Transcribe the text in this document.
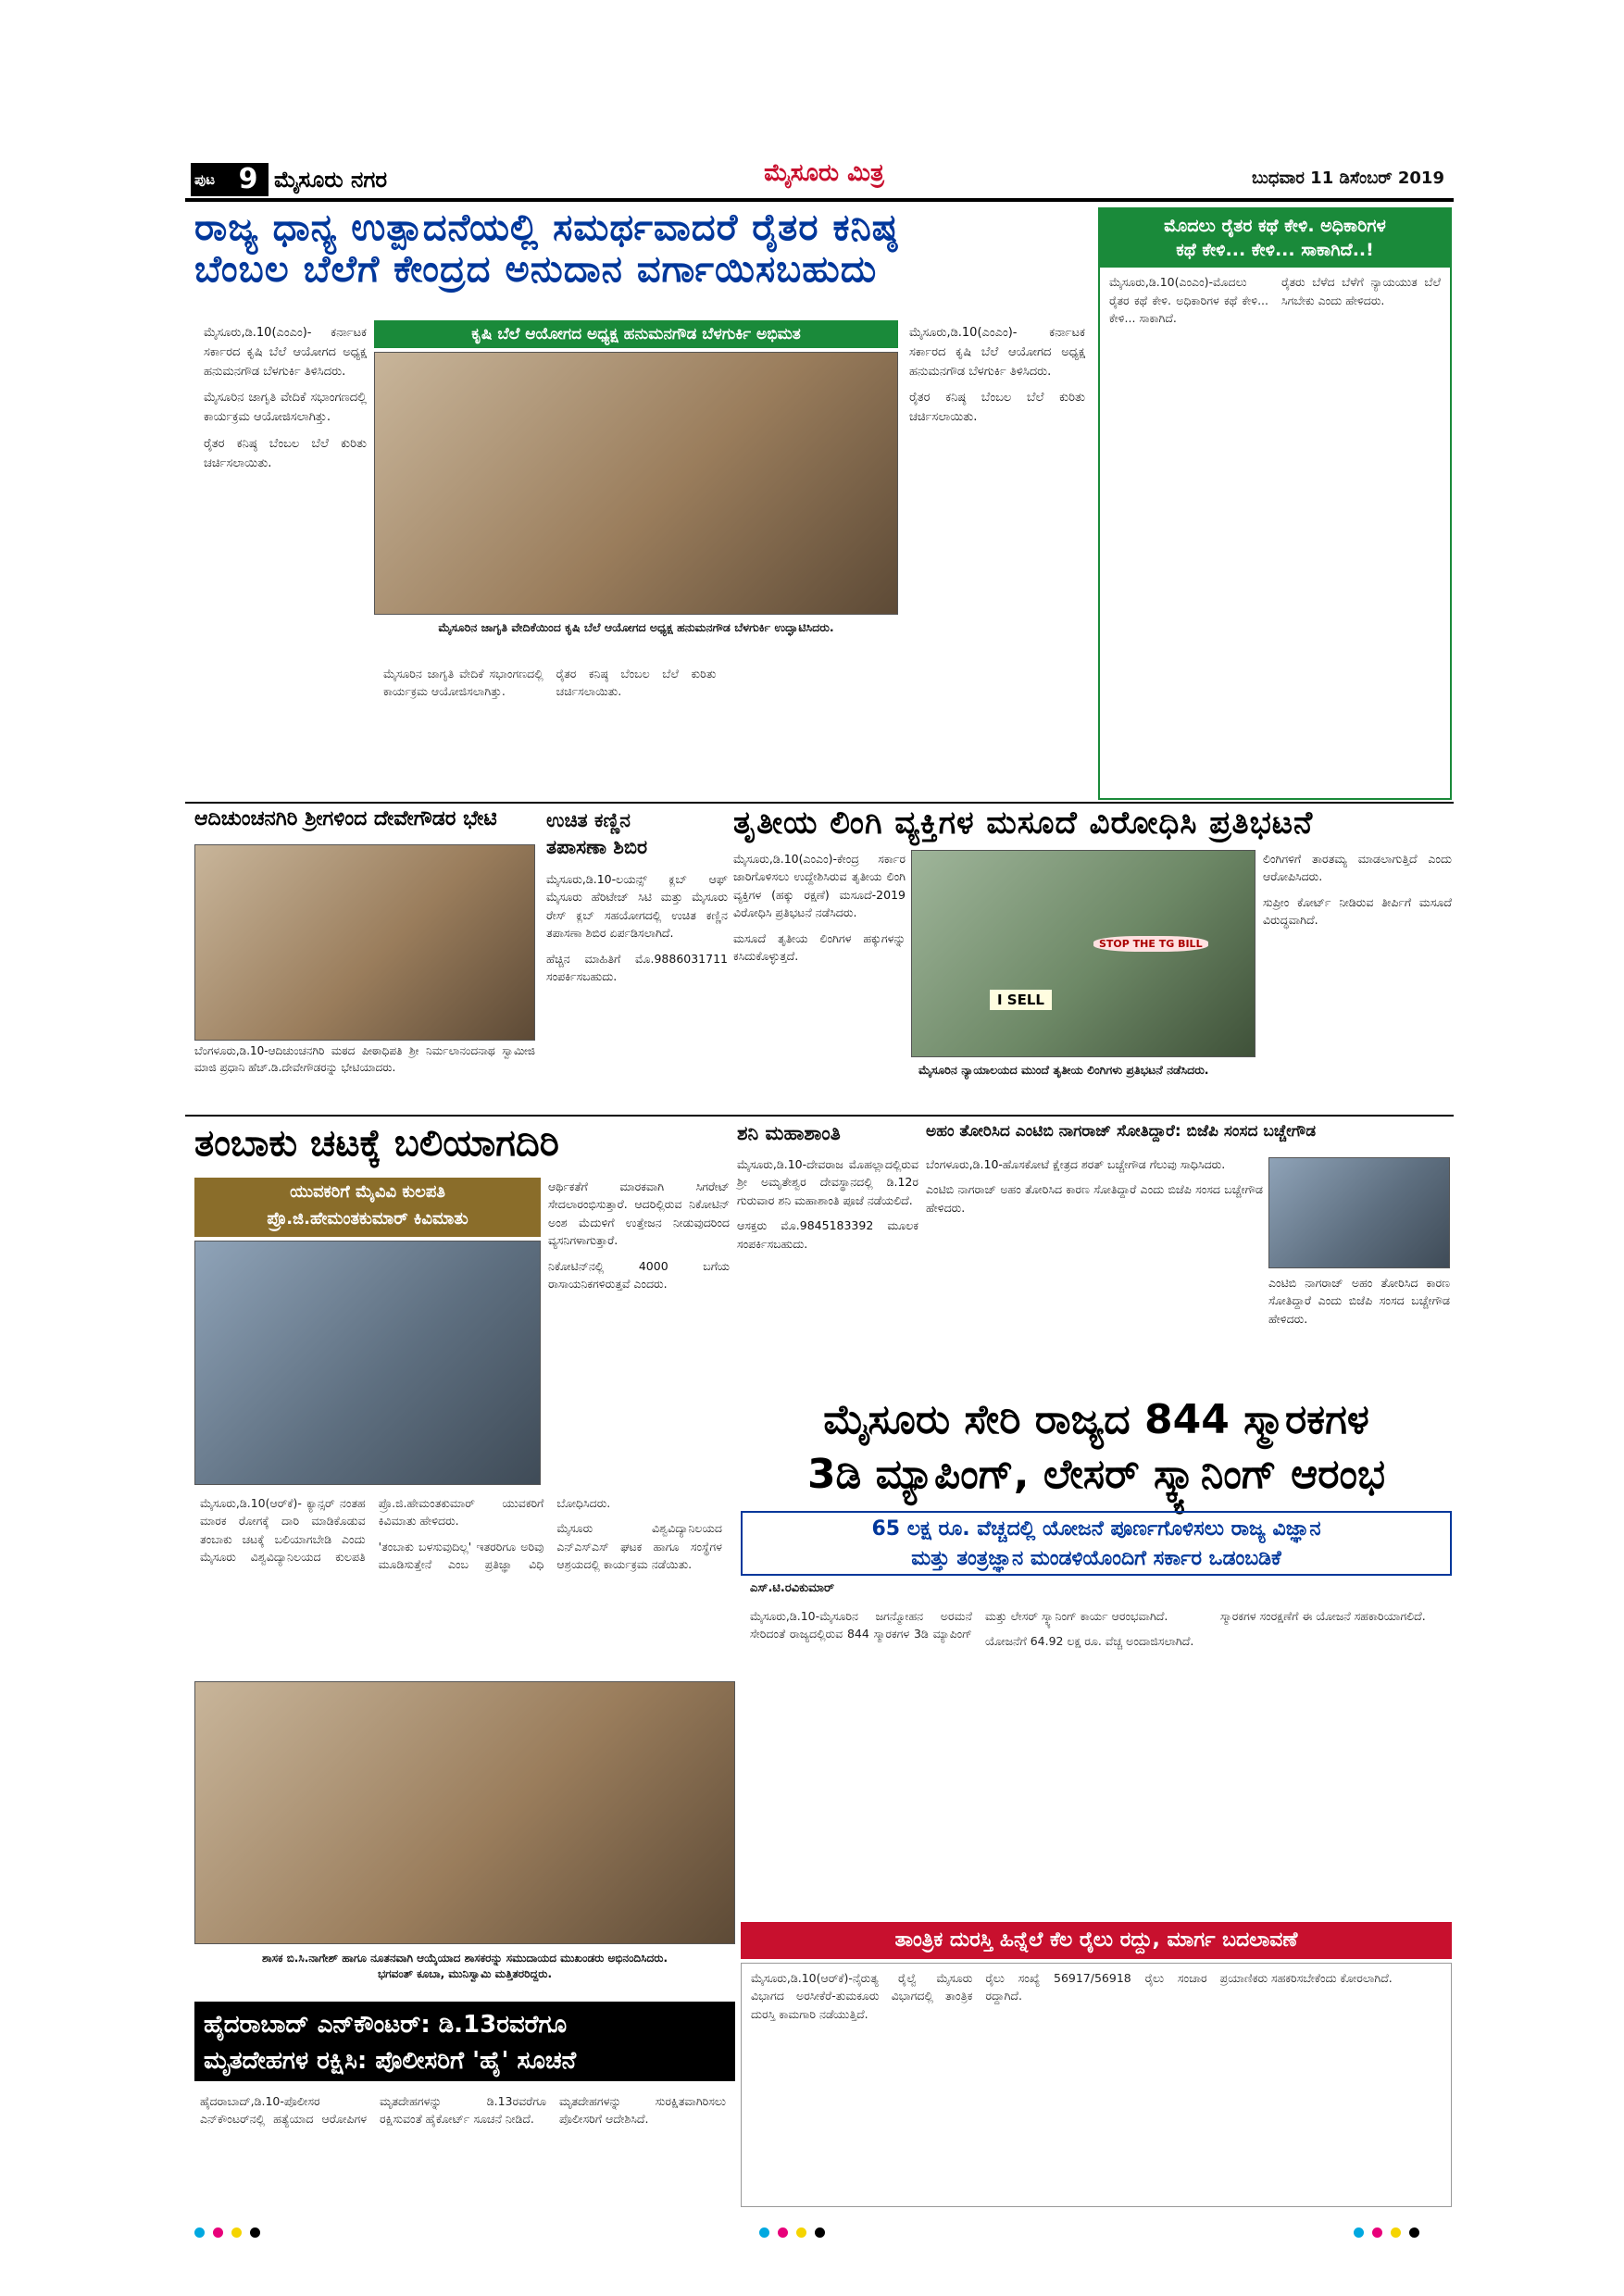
ಪುಟ 9 ಮೈಸೂರು ನಗರ	ಮೈಸೂರು ಮಿತ್ರ	ಬುಧವಾರ 11 ಡಿಸೆಂಬರ್ 2019
ರಾಜ್ಯ ಧಾನ್ಯ ಉತ್ಪಾದನೆಯಲ್ಲಿ ಸಮರ್ಥವಾದರೆ ರೈತರ ಕನಿಷ್ಠ
ಬೆಂಬಲ ಬೆಲೆಗೆ ಕೇಂದ್ರದ ಅನುದಾನ ವರ್ಗಾಯಿಸಬಹುದು

ಮೈಸೂರು,ಡಿ.10(ಎಂಎಂ)- ಕರ್ನಾಟಕ ಸರ್ಕಾರದ ಕೃಷಿ ಬೆಲೆ ಆಯೋಗದ ಅಧ್ಯಕ್ಷ ಹನುಮನಗೌಡ ಬೆಳಗುರ್ಕಿ ತಿಳಿಸಿದರು.

ಮೈಸೂರಿನ ಜಾಗೃತಿ ವೇದಿಕೆ ಸಭಾಂಗಣದಲ್ಲಿ ಕಾರ್ಯಕ್ರಮ ಆಯೋಜಿಸಲಾಗಿತ್ತು.

ರೈತರ ಕನಿಷ್ಠ ಬೆಂಬಲ ಬೆಲೆ ಕುರಿತು ಚರ್ಚಿಸಲಾಯಿತು.

ಕೃಷಿ ಬೆಲೆ ಆಯೋಗದ ಅಧ್ಯಕ್ಷ ಹನುಮನಗೌಡ ಬೆಳಗುರ್ಕಿ ಅಭಿಮತ
ಮೈಸೂರಿನ ಜಾಗೃತಿ ವೇದಿಕೆಯಿಂದ ಕೃಷಿ ಬೆಲೆ ಆಯೋಗದ ಅಧ್ಯಕ್ಷ ಹನುಮನಗೌಡ ಬೆಳಗುರ್ಕಿ ಉದ್ಘಾಟಿಸಿದರು.

ಮೈಸೂರಿನ ಜಾಗೃತಿ ವೇದಿಕೆ ಸಭಾಂಗಣದಲ್ಲಿ ಕಾರ್ಯಕ್ರಮ ಆಯೋಜಿಸಲಾಗಿತ್ತು.

ರೈತರ ಕನಿಷ್ಠ ಬೆಂಬಲ ಬೆಲೆ ಕುರಿತು ಚರ್ಚಿಸಲಾಯಿತು.

ಮೈಸೂರು,ಡಿ.10(ಎಂಎಂ)- ಕರ್ನಾಟಕ ಸರ್ಕಾರದ ಕೃಷಿ ಬೆಲೆ ಆಯೋಗದ ಅಧ್ಯಕ್ಷ ಹನುಮನಗೌಡ ಬೆಳಗುರ್ಕಿ ತಿಳಿಸಿದರು.

ರೈತರ ಕನಿಷ್ಠ ಬೆಂಬಲ ಬೆಲೆ ಕುರಿತು ಚರ್ಚಿಸಲಾಯಿತು.

ಮೊದಲು ರೈತರ ಕಥೆ ಕೇಳಿ. ಅಧಿಕಾರಿಗಳ
ಕಥೆ ಕೇಳಿ... ಕೇಳಿ... ಸಾಕಾಗಿದೆ..!

ಮೈಸೂರು,ಡಿ.10(ಎಂಎಂ)-ಮೊದಲು ರೈತರ ಕಥೆ ಕೇಳಿ. ಅಧಿಕಾರಿಗಳ ಕಥೆ ಕೇಳಿ... ಕೇಳಿ... ಸಾಕಾಗಿದೆ.

ರೈತರು ಬೆಳೆದ ಬೆಳೆಗೆ ನ್ಯಾಯಯುತ ಬೆಲೆ ಸಿಗಬೇಕು ಎಂದು ಹೇಳಿದರು.

ಆದಿಚುಂಚನಗಿರಿ ಶ್ರೀಗಳಿಂದ ದೇವೇಗೌಡರ ಭೇಟಿ
ಬೆಂಗಳೂರು,ಡಿ.10-ಆದಿಚುಂಚನಗಿರಿ ಮಠದ ಪೀಠಾಧಿಪತಿ ಶ್ರೀ ನಿರ್ಮಲಾನಂದನಾಥ ಸ್ವಾಮೀಜಿ ಮಾಜಿ ಪ್ರಧಾನಿ ಹೆಚ್.ಡಿ.ದೇವೇಗೌಡರನ್ನು ಭೇಟಿಯಾದರು.
ಉಚಿತ ಕಣ್ಣಿನ
ತಪಾಸಣಾ ಶಿಬಿರ

ಮೈಸೂರು,ಡಿ.10-ಲಯನ್ಸ್ ಕ್ಲಬ್ ಆಫ್ ಮೈಸೂರು ಹೆರಿಟೇಜ್ ಸಿಟಿ ಮತ್ತು ಮೈಸೂರು ರೇಸ್ ಕ್ಲಬ್ ಸಹಯೋಗದಲ್ಲಿ ಉಚಿತ ಕಣ್ಣಿನ ತಪಾಸಣಾ ಶಿಬಿರ ಏರ್ಪಡಿಸಲಾಗಿದೆ.

ಹೆಚ್ಚಿನ ಮಾಹಿತಿಗೆ ಮೊ.9886031711 ಸಂಪರ್ಕಿಸಬಹುದು.

ತೃತೀಯ ಲಿಂಗಿ ವ್ಯಕ್ತಿಗಳ ಮಸೂದೆ ವಿರೋಧಿಸಿ ಪ್ರತಿಭಟನೆ

ಮೈಸೂರು,ಡಿ.10(ಎಂಎಂ)-ಕೇಂದ್ರ ಸರ್ಕಾರ ಜಾರಿಗೊಳಿಸಲು ಉದ್ದೇಶಿಸಿರುವ ತೃತೀಯ ಲಿಂಗಿ ವ್ಯಕ್ತಿಗಳ (ಹಕ್ಕು ರಕ್ಷಣೆ) ಮಸೂದೆ-2019 ವಿರೋಧಿಸಿ ಪ್ರತಿಭಟನೆ ನಡೆಸಿದರು.

ಮಸೂದೆ ತೃತೀಯ ಲಿಂಗಿಗಳ ಹಕ್ಕುಗಳನ್ನು ಕಸಿದುಕೊಳ್ಳುತ್ತದೆ.

I SELL
STOP THE TG BILL
ಮೈಸೂರಿನ ನ್ಯಾಯಾಲಯದ ಮುಂದೆ ತೃತೀಯ ಲಿಂಗಿಗಳು ಪ್ರತಿಭಟನೆ ನಡೆಸಿದರು.

ಲಿಂಗಿಗಳಿಗೆ ತಾರತಮ್ಯ ಮಾಡಲಾಗುತ್ತಿದೆ ಎಂದು ಆರೋಪಿಸಿದರು.

ಸುಪ್ರೀಂ ಕೋರ್ಟ್ ನೀಡಿರುವ ತೀರ್ಪಿಗೆ ಮಸೂದೆ ವಿರುದ್ಧವಾಗಿದೆ.

ತಂಬಾಕು ಚಟಕ್ಕೆ ಬಲಿಯಾಗದಿರಿ
ಯುವಕರಿಗೆ ಮೈವಿವಿ ಕುಲಪತಿ
ಪ್ರೊ.ಜಿ.ಹೇಮಂತಕುಮಾರ್ ಕಿವಿಮಾತು

ಆರ್ಥಿಕತೆಗೆ ಮಾರಕವಾಗಿ ಸಿಗರೇಟ್ ಸೇದಲಾರಂಭಿಸುತ್ತಾರೆ. ಆದರಿಲ್ಲಿರುವ ನಿಕೋಟಿನ್ ಅಂಶ ಮೆದುಳಿಗೆ ಉತ್ತೇಜನ ನೀಡುವುದರಿಂದ ವ್ಯಸನಿಗಳಾಗುತ್ತಾರೆ.

ನಿಕೋಟಿನ್‌ನಲ್ಲಿ 4000 ಬಗೆಯ ರಾಸಾಯನಿಕಗಳಿರುತ್ತವೆ ಎಂದರು.

ಮೈಸೂರು,ಡಿ.10(ಆರ್‌ಕೆ)- ಕ್ಯಾನ್ಸರ್ ನಂತಹ ಮಾರಕ ರೋಗಕ್ಕೆ ದಾರಿ ಮಾಡಿಕೊಡುವ ತಂಬಾಕು ಚಟಕ್ಕೆ ಬಲಿಯಾಗಬೇಡಿ ಎಂದು ಮೈಸೂರು ವಿಶ್ವವಿದ್ಯಾನಿಲಯದ ಕುಲಪತಿ ಪ್ರೊ.ಜಿ.ಹೇಮಂತಕುಮಾರ್ ಯುವಕರಿಗೆ ಕಿವಿಮಾತು ಹೇಳಿದರು.

'ತಂಬಾಕು ಬಳಸುವುದಿಲ್ಲ' ಇತರರಿಗೂ ಅರಿವು ಮೂಡಿಸುತ್ತೇನೆ ಎಂಬ ಪ್ರತಿಜ್ಞಾ ವಿಧಿ ಬೋಧಿಸಿದರು.

ಮೈಸೂರು ವಿಶ್ವವಿದ್ಯಾನಿಲಯದ ಎನ್‌ಎಸ್‌ಎಸ್ ಘಟಕ ಹಾಗೂ ಸಂಸ್ಥೆಗಳ ಆಶ್ರಯದಲ್ಲಿ ಕಾರ್ಯಕ್ರಮ ನಡೆಯಿತು.

ಶನಿ ಮಹಾಶಾಂತಿ

ಮೈಸೂರು,ಡಿ.10-ದೇವರಾಜ ಮೊಹಲ್ಲಾದಲ್ಲಿರುವ ಶ್ರೀ ಅಮೃತೇಶ್ವರ ದೇವಸ್ಥಾನದಲ್ಲಿ ಡಿ.12ರ ಗುರುವಾರ ಶನಿ ಮಹಾಶಾಂತಿ ಪೂಜೆ ನಡೆಯಲಿದೆ.

ಆಸಕ್ತರು ಮೊ.9845183392 ಮೂಲಕ ಸಂಪರ್ಕಿಸಬಹುದು.

ಅಹಂ ತೋರಿಸಿದ ಎಂಟಿಬಿ ನಾಗರಾಜ್ ಸೋತಿದ್ದಾರೆ: ಬಿಜೆಪಿ ಸಂಸದ ಬಚ್ಚೇಗೌಡ

ಬೆಂಗಳೂರು,ಡಿ.10-ಹೊಸಕೋಟೆ ಕ್ಷೇತ್ರದ ಶರತ್ ಬಚ್ಚೇಗೌಡ ಗೆಲುವು ಸಾಧಿಸಿದರು.

ಎಂಟಿಬಿ ನಾಗರಾಜ್ ಅಹಂ ತೋರಿಸಿದ ಕಾರಣ ಸೋತಿದ್ದಾರೆ ಎಂದು ಬಿಜೆಪಿ ಸಂಸದ ಬಚ್ಚೇಗೌಡ ಹೇಳಿದರು.

ಎಂಟಿಬಿ ನಾಗರಾಜ್ ಅಹಂ ತೋರಿಸಿದ ಕಾರಣ ಸೋತಿದ್ದಾರೆ ಎಂದು ಬಿಜೆಪಿ ಸಂಸದ ಬಚ್ಚೇಗೌಡ ಹೇಳಿದರು.

ಮೈಸೂರು ಸೇರಿ ರಾಜ್ಯದ 844 ಸ್ಮಾರಕಗಳ
3ಡಿ ಮ್ಯಾಪಿಂಗ್, ಲೇಸರ್ ಸ್ಕ್ಯಾನಿಂಗ್ ಆರಂಭ
65 ಲಕ್ಷ ರೂ. ವೆಚ್ಚದಲ್ಲಿ ಯೋಜನೆ ಪೂರ್ಣಗೊಳಿಸಲು ರಾಜ್ಯ ವಿಜ್ಞಾನ
ಮತ್ತು ತಂತ್ರಜ್ಞಾನ ಮಂಡಳಿಯೊಂದಿಗೆ ಸರ್ಕಾರ ಒಡಂಬಡಿಕೆ
ಎಸ್.ಟಿ.ರವಿಕುಮಾರ್

ಮೈಸೂರು,ಡಿ.10-ಮೈಸೂರಿನ ಜಗನ್ಮೋಹನ ಅರಮನೆ ಸೇರಿದಂತೆ ರಾಜ್ಯದಲ್ಲಿರುವ 844 ಸ್ಮಾರಕಗಳ 3ಡಿ ಮ್ಯಾಪಿಂಗ್ ಮತ್ತು ಲೇಸರ್ ಸ್ಕ್ಯಾನಿಂಗ್ ಕಾರ್ಯ ಆರಂಭವಾಗಿದೆ.

ಯೋಜನೆಗೆ 64.92 ಲಕ್ಷ ರೂ. ವೆಚ್ಚ ಅಂದಾಜಿಸಲಾಗಿದೆ.

ಸ್ಮಾರಕಗಳ ಸಂರಕ್ಷಣೆಗೆ ಈ ಯೋಜನೆ ಸಹಕಾರಿಯಾಗಲಿದೆ.

ಶಾಸಕ ಬಿ.ಸಿ.ನಾಗೇಶ್ ಹಾಗೂ ನೂತನವಾಗಿ ಆಯ್ಕೆಯಾದ ಶಾಸಕರನ್ನು ಸಮುದಾಯದ ಮುಖಂಡರು ಅಭಿನಂದಿಸಿದರು.
ಭಗವಂತ್ ಕೂಬಾ, ಮುನಿಸ್ವಾಮಿ ಮತ್ತಿತರರಿದ್ದರು.
ಹೈದರಾಬಾದ್ ಎನ್‌ಕೌಂಟರ್: ಡಿ.13ರವರೆಗೂ
ಮೃತದೇಹಗಳ ರಕ್ಷಿಸಿ: ಪೊಲೀಸರಿಗೆ 'ಹೈ' ಸೂಚನೆ

ಹೈದರಾಬಾದ್,ಡಿ.10-ಪೊಲೀಸರ ಎನ್‌ಕೌಂಟರ್‌ನಲ್ಲಿ ಹತ್ಯೆಯಾದ ಆರೋಪಿಗಳ ಮೃತದೇಹಗಳನ್ನು ಡಿ.13ರವರೆಗೂ ರಕ್ಷಿಸುವಂತೆ ಹೈಕೋರ್ಟ್ ಸೂಚನೆ ನೀಡಿದೆ.

ಮೃತದೇಹಗಳನ್ನು ಸುರಕ್ಷಿತವಾಗಿರಿಸಲು ಪೊಲೀಸರಿಗೆ ಆದೇಶಿಸಿದೆ.

ತಾಂತ್ರಿಕ ದುರಸ್ತಿ ಹಿನ್ನೆಲೆ ಕೆಲ ರೈಲು ರದ್ದು, ಮಾರ್ಗ ಬದಲಾವಣೆ

ಮೈಸೂರು,ಡಿ.10(ಆರ್‌ಕೆ)-ನೈರುತ್ಯ ರೈಲ್ವೆ ಮೈಸೂರು ವಿಭಾಗದ ಅರಸೀಕೆರೆ-ತುಮಕೂರು ವಿಭಾಗದಲ್ಲಿ ತಾಂತ್ರಿಕ ದುರಸ್ತಿ ಕಾಮಗಾರಿ ನಡೆಯುತ್ತಿದೆ.

ರೈಲು ಸಂಖ್ಯೆ 56917/56918 ರೈಲು ಸಂಚಾರ ರದ್ದಾಗಿದೆ.

ಪ್ರಯಾಣಿಕರು ಸಹಕರಿಸಬೇಕೆಂದು ಕೋರಲಾಗಿದೆ.
